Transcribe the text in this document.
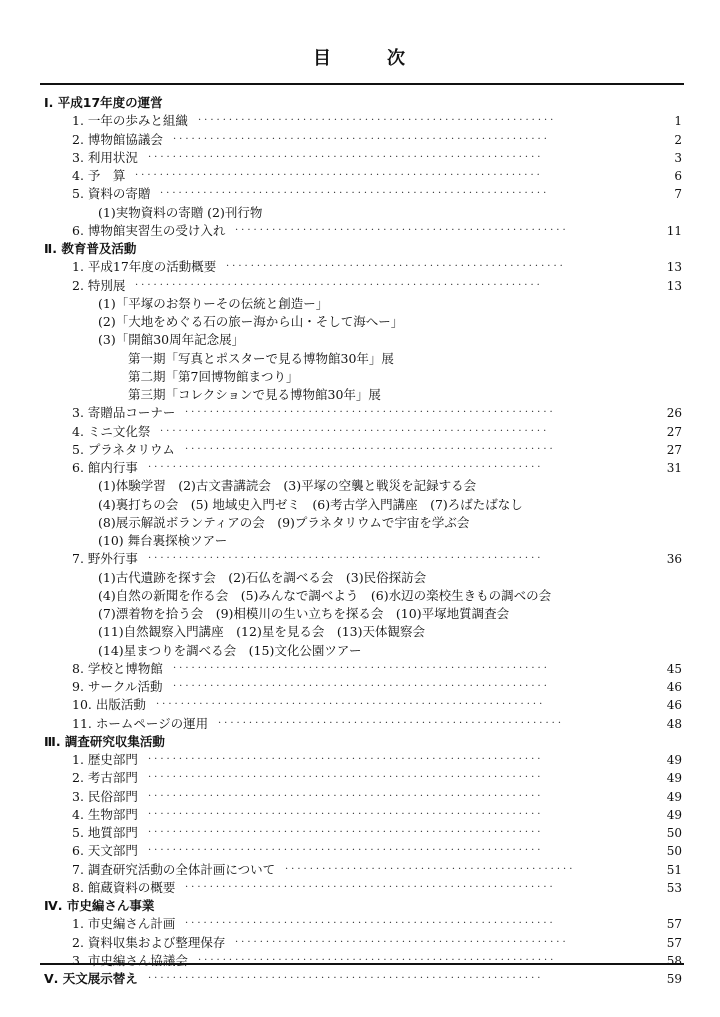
目	次
Ⅰ. 平成17年度の運営
1. 一年の歩みと組織 ··························································	1
2. 博物館協議会 ·····························································	2
3. 利用状況 ································································	3
4. 予　算 ··································································	6
5. 資料の寄贈 ·······························································	7
(1)実物資料の寄贈 (2)刊行物
6. 博物館実習生の受け入れ ······················································	11
Ⅱ. 教育普及活動
1. 平成17年度の活動概要 ·······················································	13
2. 特別展 ··································································	13
(1)「平塚のお祭りーその伝統と創造ー」
(2)「大地をめぐる石の旅ー海から山・そして海へー」
(3)「開館30周年記念展」
第一期「写真とポスターで見る博物館30年」展
第二期「第7回博物館まつり」
第三期「コレクションで見る博物館30年」展
3. 寄贈品コーナー ····························································	26
4. ミニ文化祭 ·······························································	27
5. プラネタリウム ····························································	27
6. 館内行事 ································································	31
(1)体験学習　(2)古文書講読会　(3)平塚の空襲と戦災を記録する会
(4)裏打ちの会　(5) 地域史入門ゼミ　(6)考古学入門講座　(7)ろばたばなし
(8)展示解説ボランティアの会　(9)プラネタリウムで宇宙を学ぶ会
(10) 舞台裏探検ツアー
7. 野外行事 ································································	36
(1)古代遺跡を探す会　(2)石仏を調べる会　(3)民俗探訪会
(4)自然の新聞を作る会　(5)みんなで調べよう　(6)水辺の楽校生きもの調べの会
(7)漂着物を拾う会　(9)相模川の生い立ちを探る会　(10)平塚地質調査会
(11)自然観察入門講座　(12)星を見る会　(13)天体観察会
(14)星まつりを調べる会　(15)文化公園ツアー
8. 学校と博物館 ·····························································	45
9. サークル活動 ·····························································	46
10. 出版活動 ·······························································	46
11. ホームページの運用 ························································	48
Ⅲ. 調査研究収集活動
1. 歴史部門 ································································	49
2. 考古部門 ································································	49
3. 民俗部門 ································································	49
4. 生物部門 ································································	49
5. 地質部門 ································································	50
6. 天文部門 ································································	50
7. 調査研究活動の全体計画について ···············································	51
8. 館蔵資料の概要 ····························································	53
Ⅳ. 市史編さん事業
1. 市史編さん計画 ····························································	57
2. 資料収集および整理保存 ······················································	57
3. 市史編さん協議会 ··························································	58
Ⅴ. 天文展示替え ································································	59
